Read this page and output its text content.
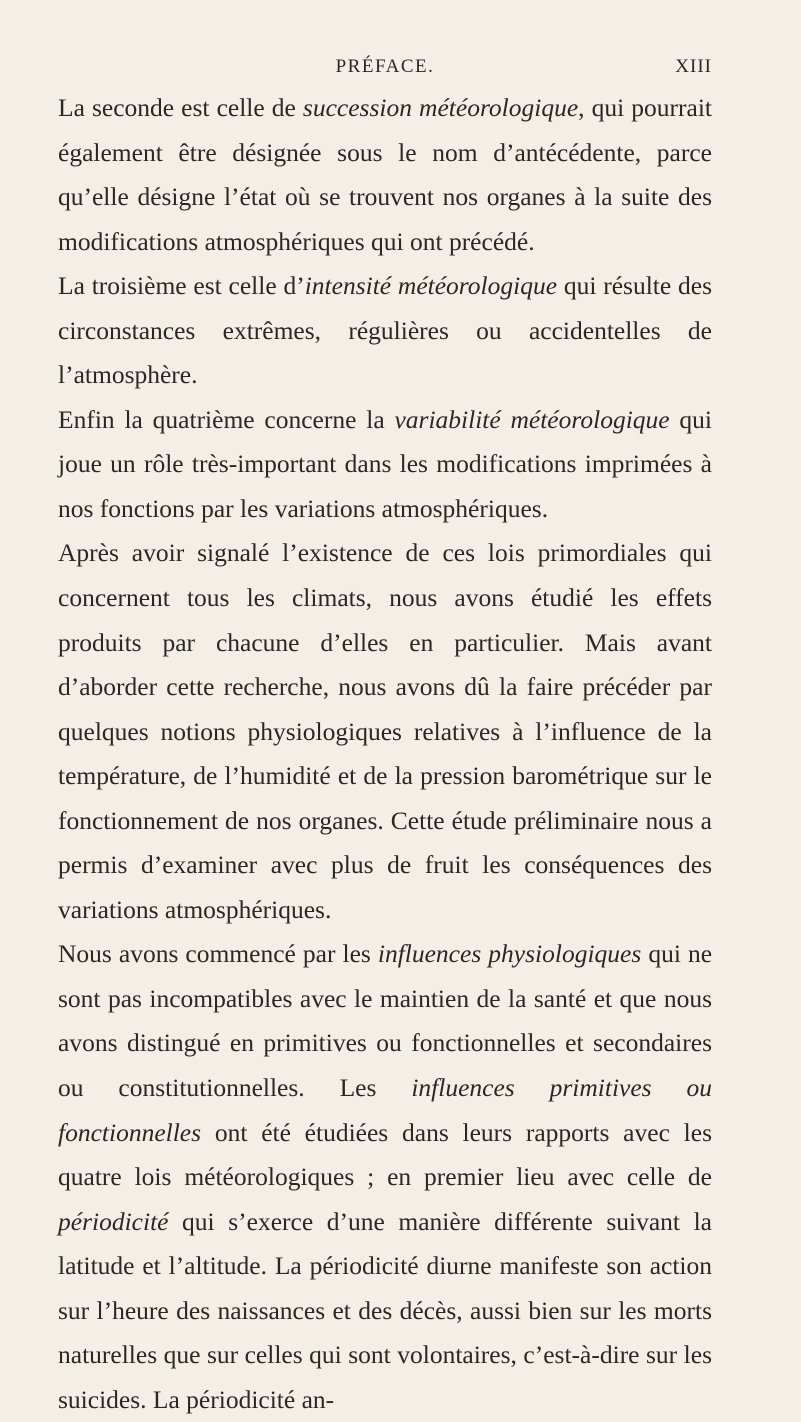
PRÉFACE.	XIII

La seconde est celle de succession météorologique, qui pourrait également être désignée sous le nom d’antécédente, parce qu’elle désigne l’état où se trouvent nos organes à la suite des modifications atmosphériques qui ont précédé.

La troisième est celle d’intensité météorologique qui résulte des circonstances extrêmes, régulières ou accidentelles de l’atmosphère.

Enfin la quatrième concerne la variabilité météorologique qui joue un rôle très-important dans les modifications imprimées à nos fonctions par les variations atmosphériques.

Après avoir signalé l’existence de ces lois primordiales qui concernent tous les climats, nous avons étudié les effets produits par chacune d’elles en particulier. Mais avant d’aborder cette recherche, nous avons dû la faire précéder par quelques notions physiologiques relatives à l’influence de la température, de l’humidité et de la pression barométrique sur le fonctionnement de nos organes. Cette étude préliminaire nous a permis d’examiner avec plus de fruit les conséquences des variations atmosphériques.

Nous avons commencé par les influences physiologiques qui ne sont pas incompatibles avec le maintien de la santé et que nous avons distingué en primitives ou fonctionnelles et secondaires ou constitutionnelles. Les influences primitives ou fonctionnelles ont été étudiées dans leurs rapports avec les quatre lois météorologiques ; en premier lieu avec celle de périodicité qui s’exerce d’une manière différente suivant la latitude et l’altitude. La périodicité diurne manifeste son action sur l’heure des naissances et des décès, aussi bien sur les morts naturelles que sur celles qui sont volontaires, c’est-à-dire sur les suicides. La périodicité an-
